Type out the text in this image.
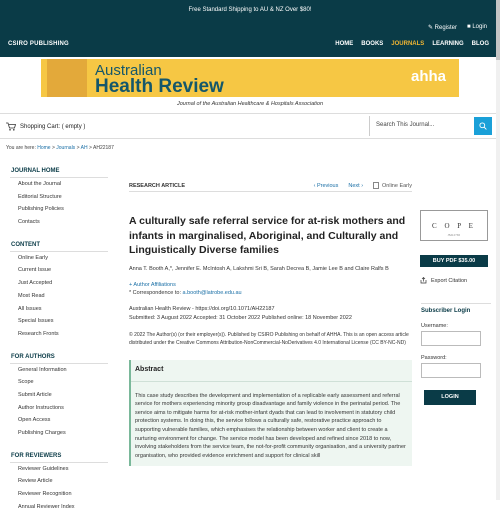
Free Standard Shipping to AU & NZ Over $80!
✎ Register ■ Login
CSIRO PUBLISHING	HOME BOOKS JOURNALS LEARNING BLOG
Australian
Health Review	ahha
Journal of the Australian Healthcare & Hospitals Association
Shopping Cart: ( empty )	Search This Journal...
You are here: Home > Journals > AH > AH22187
JOURNAL HOME
About the Journal
Editorial Structure
Publishing Policies
Contacts
CONTENT
Online Early
Current Issue
Just Accepted
Most Read
All Issues
Special Issues
Research Fronts
FOR AUTHORS
General Information
Scope
Submit Article
Author Instructions
Open Access
Publishing Charges
FOR REVIEWERS
Reviewer Guidelines
Review Article
Reviewer Recognition
Annual Reviewer Index
RESEARCH ARTICLE	‹ Previous Next ›	Online Early
A culturally safe referral service for at-risk mothers and infants in marginalised, Aboriginal, and Culturally and Linguistically Diverse families
Anna T. Booth A,*, Jennifer E. McIntosh A, Lakshmi Sri B, Sarah Decrea B, Jamie Lee B and Claire Ralfs B
+ Author Affiliations
* Correspondence to: a.booth@latrobe.edu.au
Australian Health Review - https://doi.org/10.1071/AH22187
Submitted: 3 August 2022 Accepted: 31 October 2022 Published online: 18 November 2022
© 2022 The Author(s) (or their employer(s)). Published by CSIRO Publishing on behalf of AHHA. This is an open access article distributed under the Creative Commons Attribution-NonCommercial-NoDerivatives 4.0 International License (CC BY-NC-ND)
Abstract
This case study describes the development and implementation of a replicable early assessment and referral service for mothers experiencing minority group disadvantage and family violence in the perinatal period. The service aims to mitigate harms for at-risk mother-infant dyads that can lead to involvement in statutory child protection systems. In doing this, the service follows a culturally safe, restorative practice approach to supporting vulnerable families, which emphasises the relationship between worker and client to create a nurturing environment for change. The service model has been developed and refined since 2018 to now, involving stakeholders from the service team, the not-for-profit community organisation, and a university partner organisation, who provided evidence enrichment and support for clinical skill
C O P E
JM12765
BUY PDF $35.00
Export Citation
Subscriber Login
Username:
Password:
LOGIN
